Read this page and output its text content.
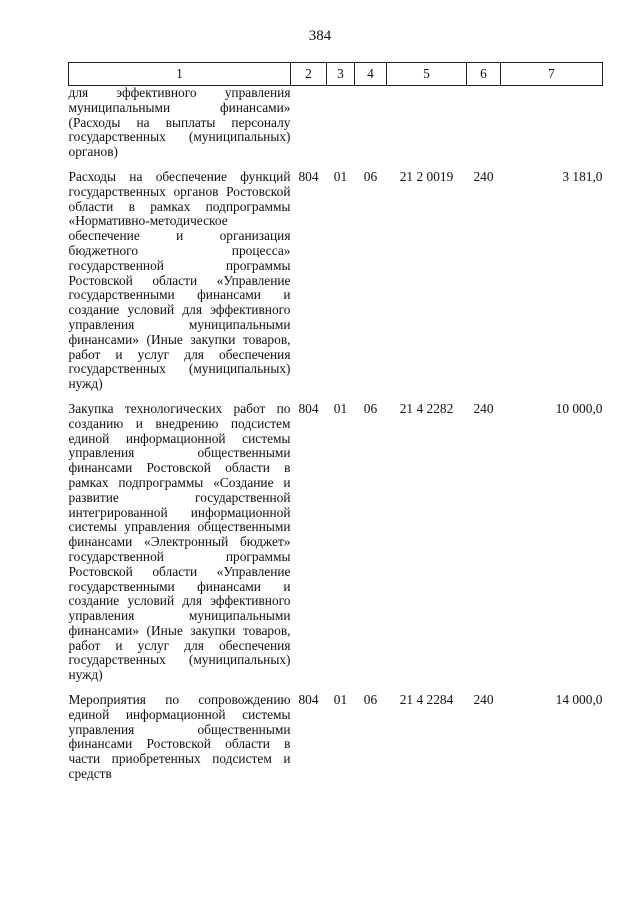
384
1	2	3	4	5	6	7
для эффективного управления муниципальными финансами» (Расходы на выплаты персоналу государственных (муниципальных) органов)						
Расходы на обеспечение функций государственных органов Ростовской области в рамках подпрограммы «Нормативно-методическое обеспечение и организация бюджетного процесса» государственной программы Ростовской области «Управление государственными финансами и создание условий для эффективного управления муниципальными финансами» (Иные закупки товаров, работ и услуг для обеспечения государственных (муниципальных) нужд)	804	01	06	21 2 0019	240	3 181,0
Закупка технологических работ по созданию и внедрению подсистем единой информационной системы управления общественными финансами Ростовской области в рамках подпрограммы «Создание и развитие государственной интегрированной информационной системы управления общественными финансами «Электронный бюджет» государственной программы Ростовской области «Управление государственными финансами и создание условий для эффективного управления муниципальными финансами» (Иные закупки товаров, работ и услуг для обеспечения государственных (муниципальных) нужд)	804	01	06	21 4 2282	240	10 000,0
Мероприятия по сопровождению единой информационной системы управления общественными финансами Ростовской области в части приобретенных подсистем и средств	804	01	06	21 4 2284	240	14 000,0
